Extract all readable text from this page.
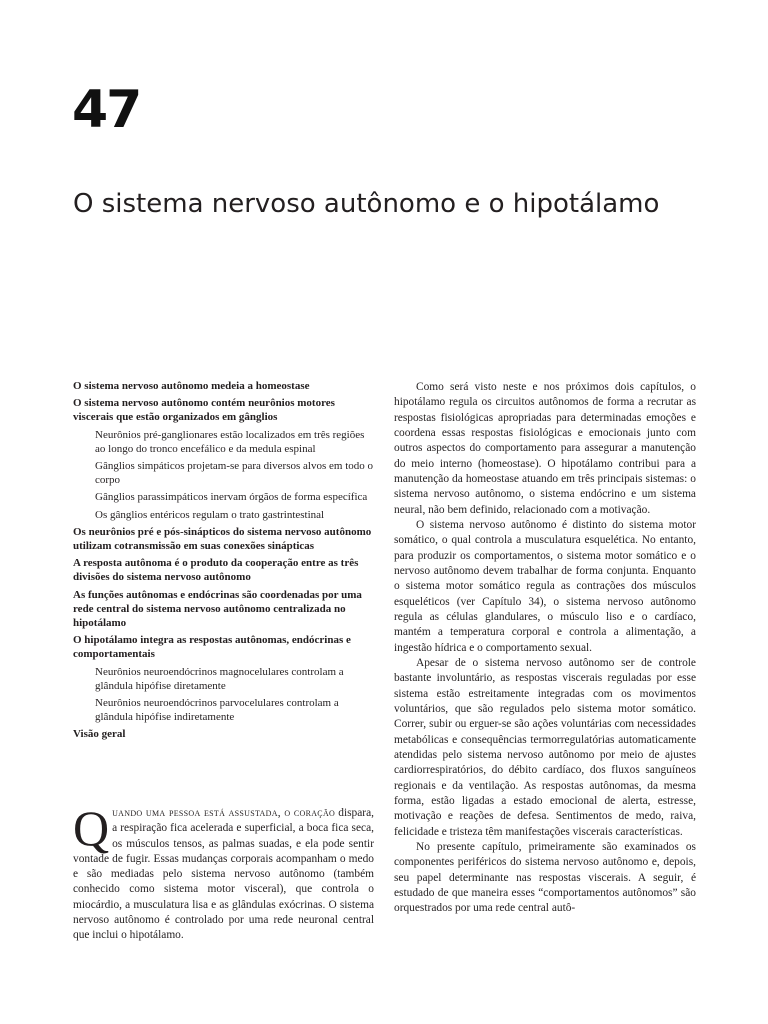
47
O sistema nervoso autônomo e o hipotálamo
O sistema nervoso autônomo medeia a homeostase
O sistema nervoso autônomo contém neurônios motores viscerais que estão organizados em gânglios
Neurônios pré-ganglionares estão localizados em três regiões ao longo do tronco encefálico e da medula espinal
Gânglios simpáticos projetam-se para diversos alvos em todo o corpo
Gânglios parassimpáticos inervam órgãos de forma específica
Os gânglios entéricos regulam o trato gastrintestinal
Os neurônios pré e pós-sinápticos do sistema nervoso autônomo utilizam cotransmissão em suas conexões sinápticas
A resposta autônoma é o produto da cooperação entre as três divisões do sistema nervoso autônomo
As funções autônomas e endócrinas são coordenadas por uma rede central do sistema nervoso autônomo centralizada no hipotálamo
O hipotálamo integra as respostas autônomas, endócrinas e comportamentais
Neurônios neuroendócrinos magnocelulares controlam a glândula hipófise diretamente
Neurônios neuroendócrinos parvocelulares controlam a glândula hipófise indiretamente
Visão geral

Quando uma pessoa está assustada, o coração dispara, a respiração fica acelerada e superficial, a boca fica seca, os músculos tensos, as palmas suadas, e ela pode sentir vontade de fugir. Essas mudanças corporais acompanham o medo e são mediadas pelo sistema nervoso autônomo (também conhecido como sistema motor visceral), que controla o miocárdio, a musculatura lisa e as glândulas exócrinas. O sistema nervoso autônomo é controlado por uma rede neuronal central que inclui o hipotálamo.

Como será visto neste e nos próximos dois capítulos, o hipotálamo regula os circuitos autônomos de forma a recrutar as respostas fisiológicas apropriadas para determinadas emoções e coordena essas respostas fisiológicas e emocionais junto com outros aspectos do comportamento para assegurar a manutenção do meio interno (homeostase). O hipotálamo contribui para a manutenção da homeostase atuando em três principais sistemas: o sistema nervoso autônomo, o sistema endócrino e um sistema neural, não bem definido, relacionado com a motivação.

O sistema nervoso autônomo é distinto do sistema motor somático, o qual controla a musculatura esquelética. No entanto, para produzir os comportamentos, o sistema motor somático e o nervoso autônomo devem trabalhar de forma conjunta. Enquanto o sistema motor somático regula as contrações dos músculos esqueléticos (ver Capítulo 34), o sistema nervoso autônomo regula as células glandulares, o músculo liso e o cardíaco, mantém a temperatura corporal e controla a alimentação, a ingestão hídrica e o comportamento sexual.

Apesar de o sistema nervoso autônomo ser de controle bastante involuntário, as respostas viscerais reguladas por esse sistema estão estreitamente integradas com os movimentos voluntários, que são regulados pelo sistema motor somático. Correr, subir ou erguer-se são ações voluntárias com necessidades metabólicas e consequências termorregulatórias automaticamente atendidas pelo sistema nervoso autônomo por meio de ajustes cardiorrespiratórios, do débito cardíaco, dos fluxos sanguíneos regionais e da ventilação. As respostas autônomas, da mesma forma, estão ligadas a estado emocional de alerta, estresse, motivação e reações de defesa. Sentimentos de medo, raiva, felicidade e tristeza têm manifestações viscerais características.

No presente capítulo, primeiramente são examinados os componentes periféricos do sistema nervoso autônomo e, depois, seu papel determinante nas respostas viscerais. A seguir, é estudado de que maneira esses “comportamentos autônomos” são orquestrados por uma rede central autô-
